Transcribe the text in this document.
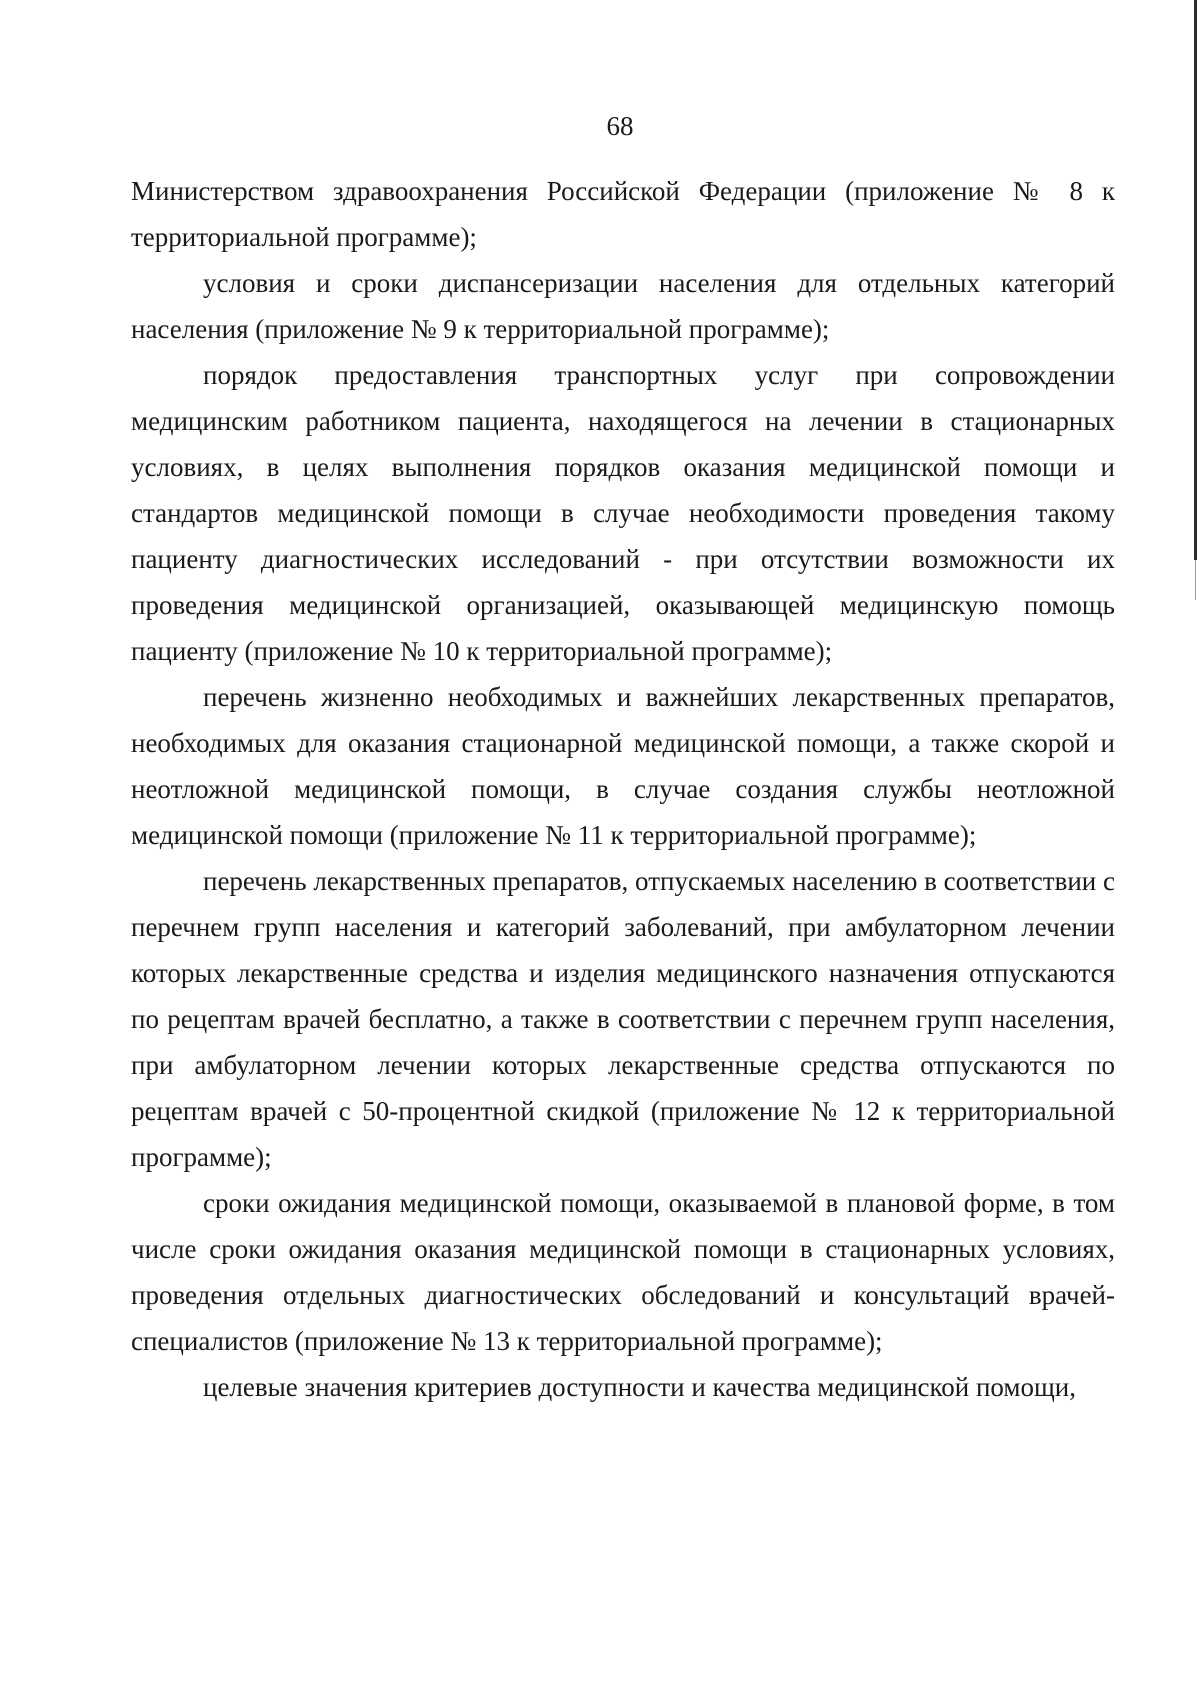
68

Министерством здравоохранения Российской Федерации (приложение № 8 к территориальной программе);

условия и сроки диспансеризации населения для отдельных категорий населения (приложение № 9 к территориальной программе);

порядок предоставления транспортных услуг при сопровождении медицинским работником пациента, находящегося на лечении в стационарных условиях, в целях выполнения порядков оказания медицинской помощи и стандартов медицинской помощи в случае необходимости проведения такому пациенту диагностических исследований - при отсутствии возможности их проведения медицинской организацией, оказывающей медицинскую помощь пациенту (приложение № 10 к территориальной программе);

перечень жизненно необходимых и важнейших лекарственных препаратов, необходимых для оказания стационарной медицинской помощи, а также скорой и неотложной медицинской помощи, в случае создания службы неотложной медицинской помощи (приложение № 11 к территориальной программе);

перечень лекарственных препаратов, отпускаемых населению в соответствии с перечнем групп населения и категорий заболеваний, при амбулаторном лечении которых лекарственные средства и изделия медицинского назначения отпускаются по рецептам врачей бесплатно, а также в соответствии с перечнем групп населения, при амбулаторном лечении которых лекарственные средства отпускаются по рецептам врачей с 50-процентной скидкой (приложение № 12 к территориальной программе);

сроки ожидания медицинской помощи, оказываемой в плановой форме, в том числе сроки ожидания оказания медицинской помощи в стационарных условиях, проведения отдельных диагностических обследований и консультаций врачей-специалистов (приложение № 13 к территориальной программе);

целевые значения критериев доступности и качества медицинской помощи,
